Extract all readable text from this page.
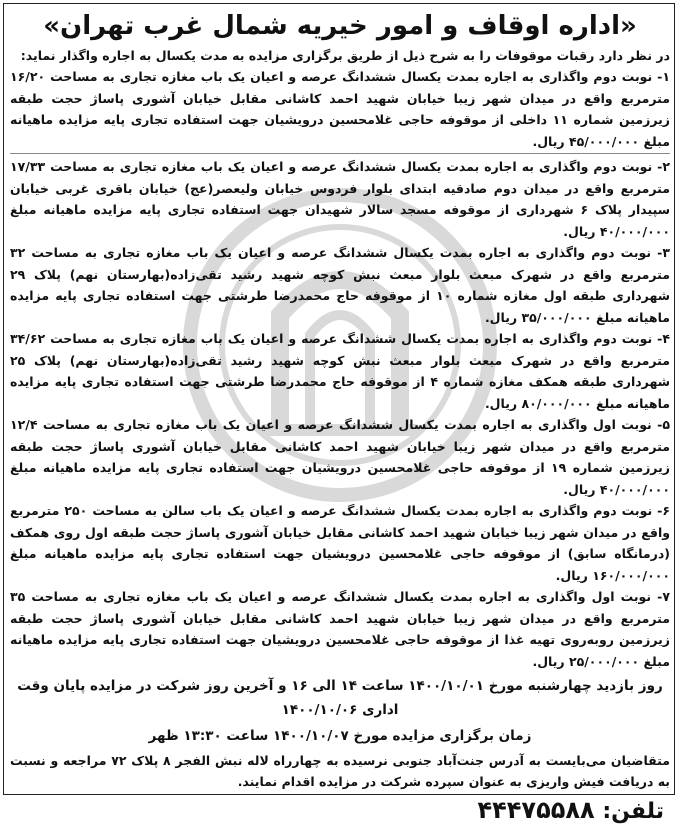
«اداره اوقاف و امور خیریه شمال غرب تهران»

در نظر دارد رقبات موقوفات را به شرح ذیل از طریق برگزاری مزایده به مدت یکسال به اجاره واگذار نماید:

۱- نوبت دوم واگذاری به اجاره بمدت یکسال ششدانگ عرصه و اعیان یک باب مغازه تجاری به مساحت ۱۶/۲۰ مترمربع واقع در میدان شهر زیبا خیابان شهید احمد کاشانی مقابل خیابان آشوری پاساژ حجت طبقه زیرزمین شماره ۱۱ داخلی از موقوفه حاجی غلامحسین درویشیان جهت استفاده تجاری پایه مزایده ماهیانه مبلغ ۴۵/۰۰۰/۰۰۰ ریال.

۲- نوبت دوم واگذاری به اجاره بمدت یکسال ششدانگ عرصه و اعیان یک باب مغازه تجاری به مساحت ۱۷/۳۳ مترمربع واقع در میدان دوم صادقیه ابتدای بلوار فردوس خیابان ولیعصر(عج) خیابان باقری غربی خیابان سپیدار پلاک ۶ شهرداری از موقوفه مسجد سالار شهیدان جهت استفاده تجاری پایه مزایده ماهیانه مبلغ ۴۰/۰۰۰/۰۰۰ ریال.

۳- نوبت دوم واگذاری به اجاره بمدت یکسال ششدانگ عرصه و اعیان یک باب مغازه تجاری به مساحت ۳۲ مترمربع واقع در شهرک مبعث بلوار مبعث نبش کوچه شهید رشید تقی‌زاده(بهارستان نهم) پلاک ۲۹ شهرداری طبقه اول مغازه شماره ۱۰ از موقوفه حاج محمدرضا طرشتی جهت استفاده تجاری پایه مزایده ماهیانه مبلغ ۳۵/۰۰۰/۰۰۰ ریال.

۴- نوبت دوم واگذاری به اجاره بمدت یکسال ششدانگ عرصه و اعیان یک باب مغازه تجاری به مساحت ۳۴/۶۲ مترمربع واقع در شهرک مبعث بلوار مبعث نبش کوچه شهید رشید تقی‌زاده(بهارستان نهم) پلاک ۲۵ شهرداری طبقه همکف مغازه شماره ۴ از موقوفه حاج محمدرضا طرشتی جهت استفاده تجاری پایه مزایده ماهیانه مبلغ ۸۰/۰۰۰/۰۰۰ ریال.

۵- نوبت اول واگذاری به اجاره بمدت یکسال ششدانگ عرصه و اعیان یک باب مغازه تجاری به مساحت ۱۲/۴ مترمربع واقع در میدان شهر زیبا خیابان شهید احمد کاشانی مقابل خیابان آشوری پاساژ حجت طبقه زیرزمین شماره ۱۹ از موقوفه حاجی غلامحسین درویشیان جهت استفاده تجاری پایه مزایده ماهیانه مبلغ ۴۰/۰۰۰/۰۰۰ ریال.

۶- نوبت دوم واگذاری به اجاره بمدت یکسال ششدانگ عرصه و اعیان یک باب سالن به مساحت ۲۵۰ مترمربع واقع در میدان شهر زیبا خیابان شهید احمد کاشانی مقابل خیابان آشوری پاساژ حجت طبقه اول روی همکف (درمانگاه سابق) از موقوفه حاجی غلامحسین درویشیان جهت استفاده تجاری پایه مزایده ماهیانه مبلغ ۱۶۰/۰۰۰/۰۰۰ ریال.

۷- نوبت اول واگذاری به اجاره بمدت یکسال ششدانگ عرصه و اعیان یک باب مغازه تجاری به مساحت ۳۵ مترمربع واقع در میدان شهر زیبا خیابان شهید احمد کاشانی مقابل خیابان آشوری پاساژ حجت طبقه زیرزمین روبه‌روی تهیه غذا از موقوفه حاجی غلامحسین درویشیان جهت استفاده تجاری پایه مزایده ماهیانه مبلغ ۲۵/۰۰۰/۰۰۰ ریال.

روز بازدید چهارشنبه مورخ ۱۴۰۰/۱۰/۰۱ ساعت ۱۴ الی ۱۶ و آخرین روز شرکت در مزایده پایان وقت اداری ۱۴۰۰/۱۰/۰۶
زمان برگزاری مزایده مورخ ۱۴۰۰/۱۰/۰۷ ساعت ۱۳:۳۰ ظهر

متقاضیان می‌بایست به آدرس جنت‌آباد جنوبی نرسیده به چهارراه لاله نبش الفجر ۸ پلاک ۷۲ مراجعه و نسبت به دریافت فیش واریزی به عنوان سپرده شرکت در مزایده اقدام نمایند.

تلفن: ۴۴۴۷۵۵۸۸
